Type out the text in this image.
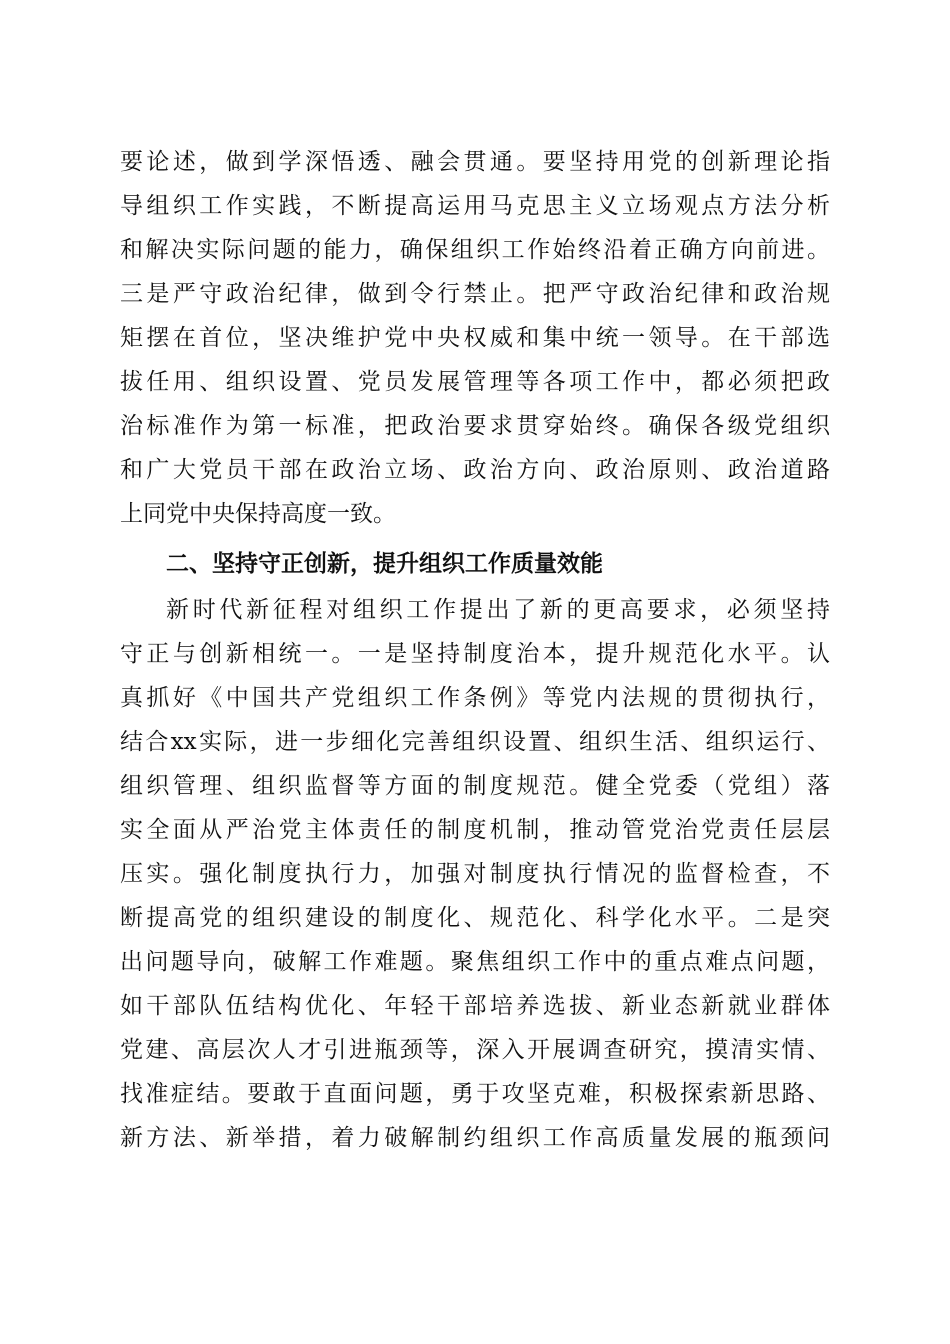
要论述，做到学深悟透、融会贯通。要坚持用党的创新理论指
导组织工作实践，不断提高运用马克思主义立场观点方法分析
和解决实际问题的能力，确保组织工作始终沿着正确方向前进。
三是严守政治纪律，做到令行禁止。把严守政治纪律和政治规
矩摆在首位，坚决维护党中央权威和集中统一领导。在干部选
拔任用、组织设置、党员发展管理等各项工作中，都必须把政
治标准作为第一标准，把政治要求贯穿始终。确保各级党组织
和广大党员干部在政治立场、政治方向、政治原则、政治道路
上同党中央保持高度一致。
二、坚持守正创新，提升组织工作质量效能
新时代新征程对组织工作提出了新的更高要求，必须坚持
守正与创新相统一。一是坚持制度治本，提升规范化水平。认
真抓好《中国共产党组织工作条例》等党内法规的贯彻执行，
结合xx实际，进一步细化完善组织设置、组织生活、组织运行、
组织管理、组织监督等方面的制度规范。健全党委（党组）落
实全面从严治党主体责任的制度机制，推动管党治党责任层层
压实。强化制度执行力，加强对制度执行情况的监督检查，不
断提高党的组织建设的制度化、规范化、科学化水平。二是突
出问题导向，破解工作难题。聚焦组织工作中的重点难点问题，
如干部队伍结构优化、年轻干部培养选拔、新业态新就业群体
党建、高层次人才引进瓶颈等，深入开展调查研究，摸清实情、
找准症结。要敢于直面问题，勇于攻坚克难，积极探索新思路、
新方法、新举措，着力破解制约组织工作高质量发展的瓶颈问
